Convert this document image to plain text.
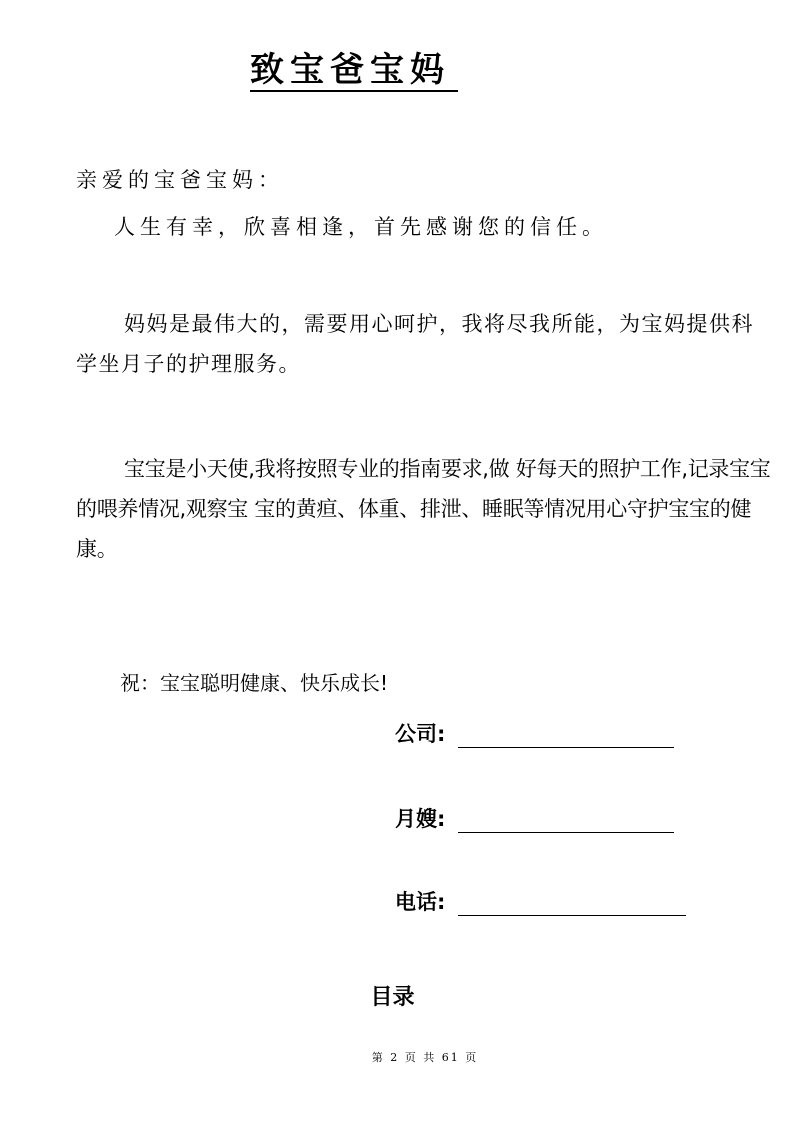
致宝爸宝妈
亲爱的宝爸宝妈：
人生有幸，欣喜相逢，首先感谢您的信任。
妈妈是最伟大的，需要用心呵护，我将尽我所能，为宝妈提供科学坐月子的护理服务。
宝宝是小天使,我将按照专业的指南要求,做 好每天的照护工作,记录宝宝的喂养情况,观察宝 宝的黄疸、体重、排泄、睡眠等情况用心守护宝宝的健康。
祝：宝宝聪明健康、快乐成长!
公司:
月嫂:
电话:
目录
第 2 页 共 61 页
